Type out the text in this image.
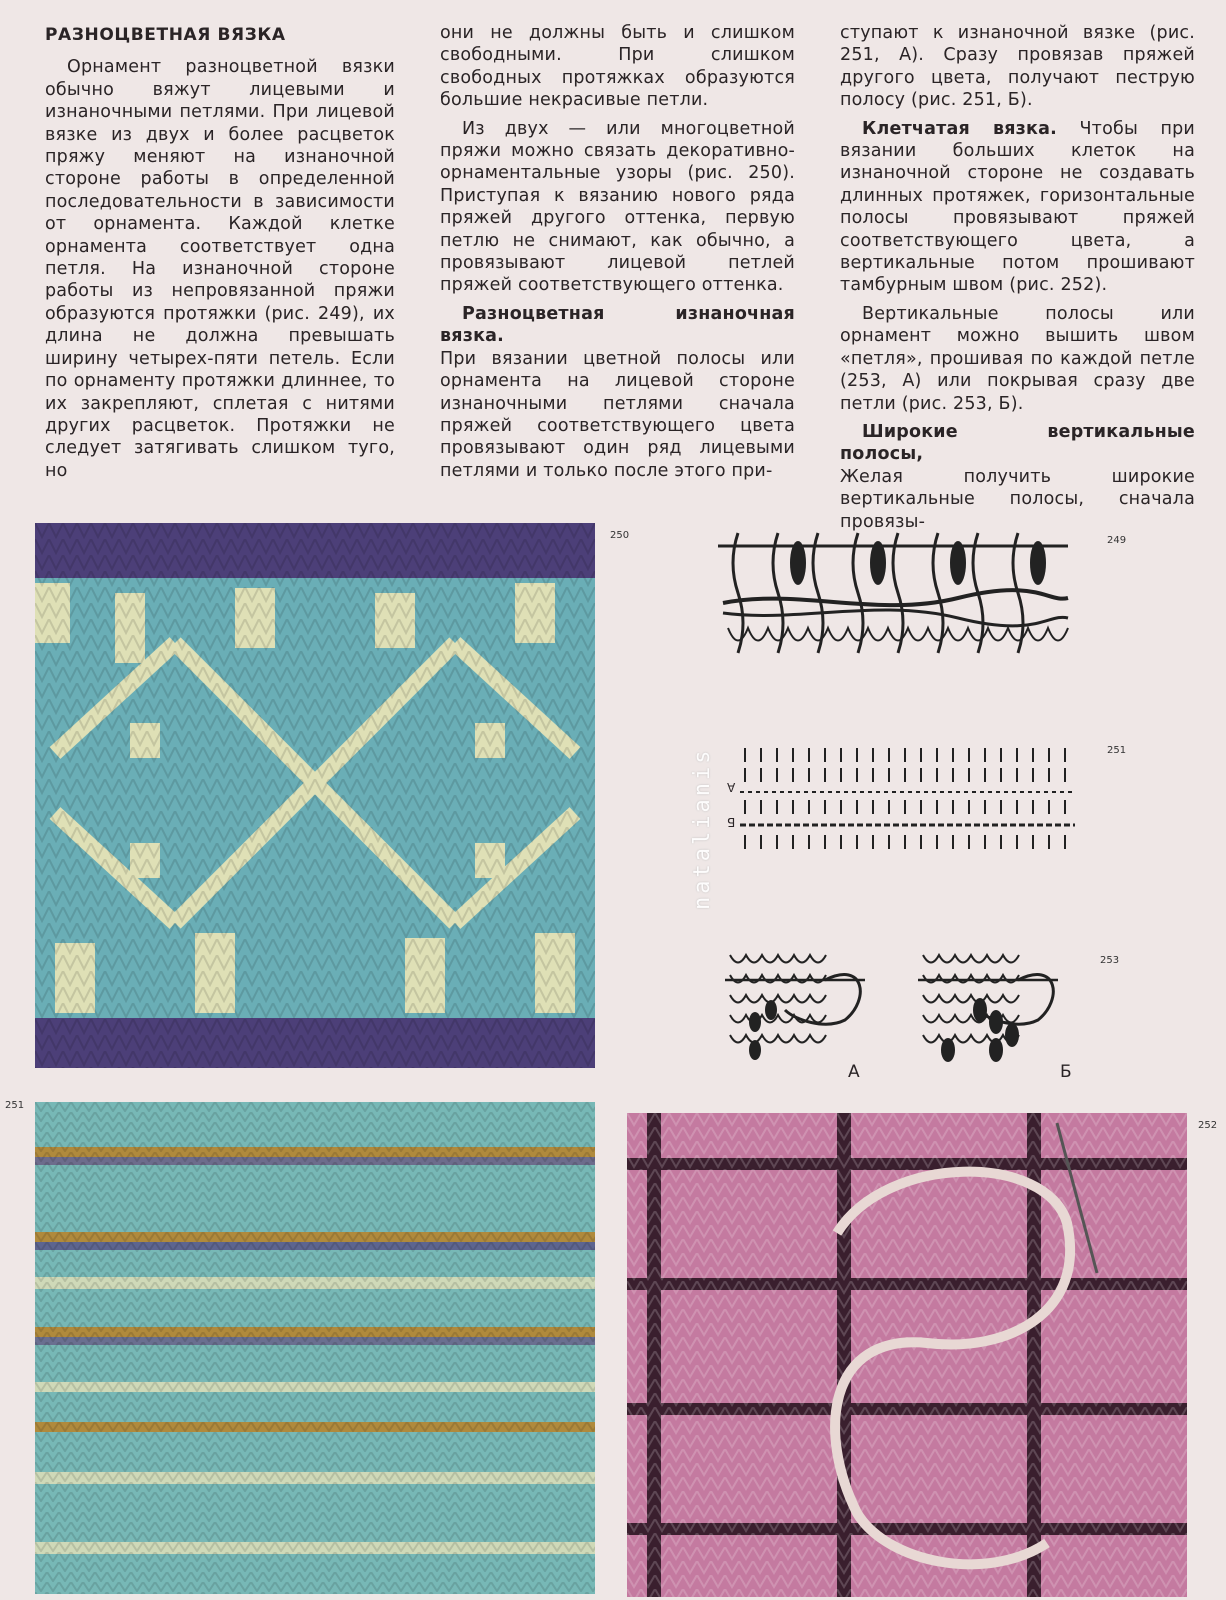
РАЗНОЦВЕТНАЯ ВЯЗКА

Орнамент разноцветной вязки обычно вяжут лицевыми и изнаночными петлями. При лицевой вязке из двух и более расцветок пряжу меняют на изнаночной стороне работы в определенной последовательности в зависимости от орнамента. Каждой клетке орнамента соответствует одна петля. На изнаночной стороне работы из непровязанной пряжи образуются протяжки (рис. 249), их длина не должна превышать ширину четырех-пяти петель. Если по орнаменту протяжки длиннее, то их закрепляют, сплетая с нитями других расцветок. Протяжки не следует затягивать слишком туго, но

они не должны быть и слишком свободными. При слишком свободных протяжках образуются большие некрасивые петли.

Из двух — или многоцветной пряжи можно связать декоративно-орнаментальные узоры (рис. 250). Приступая к вязанию нового ряда пряжей другого оттенка, первую петлю не снимают, как обычно, а провязывают лицевой петлей пряжей соответствующего оттенка.

Разноцветная изнаночная вязка.

При вязании цветной полосы или орнамента на лицевой стороне изнаночными петлями сначала пряжей соответствующего цвета провязывают один ряд лицевыми петлями и только после этого при-

ступают к изнаночной вязке (рис. 251, А). Сразу провязав пряжей другого цвета, получают пеструю полосу (рис. 251, Б).

Клетчатая вязка. Чтобы при вязании больших клеток на изнаночной стороне не создавать длинных протяжек, горизонтальные полосы провязывают пряжей соответствующего цвета, а вертикальные потом прошивают тамбурным швом (рис. 252).

Вертикальные полосы или орнамент можно вышить швом «петля», прошивая по каждой петле (253, А) или покрывая сразу две петли (рис. 253, Б).

Широкие вертикальные полосы,

Желая получить широкие вертикальные полосы, сначала провязы-

250	249
natalianis	А
Б
251
А	Б
253
251
252
